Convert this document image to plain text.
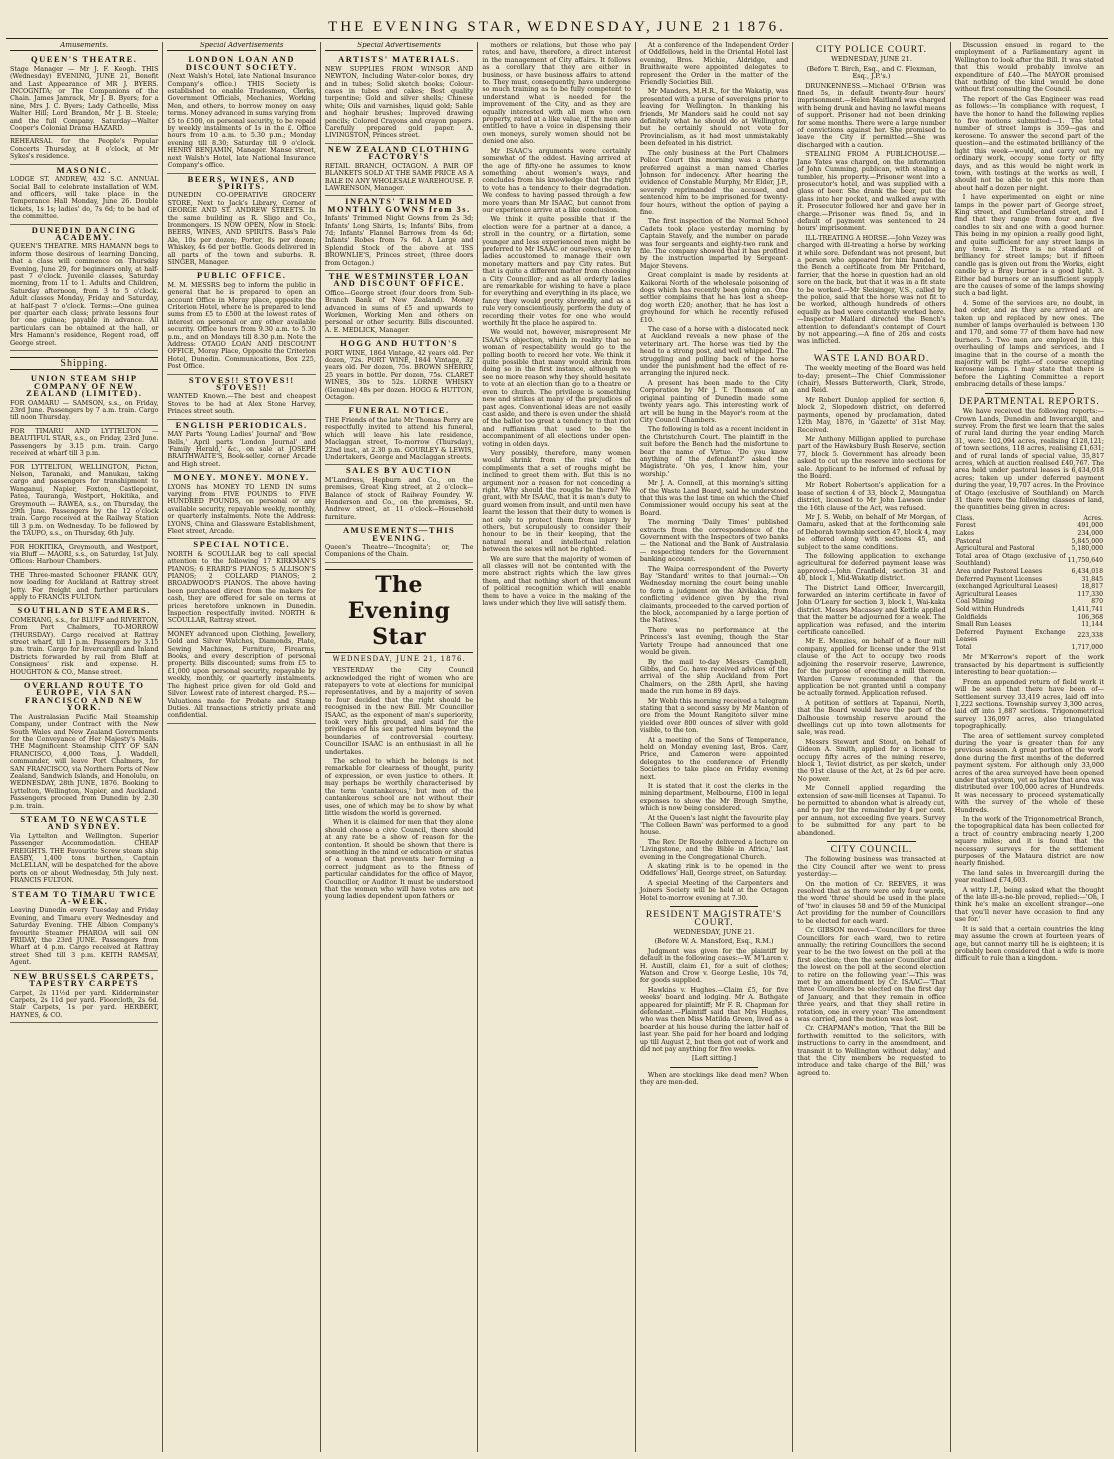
THE EVENING STAR, WEDNESDAY, JUNE 21 1876.
Amusements.
QUEEN'S THEATRE.
Stage Manager — Mr J. F. Keogh. THIS (Wednesday) EVENING, JUNE 21, Benefit and Last Appearance of MR J. BYERS. INCOGNITA; or The Companions of the Chain. James Jamrack, Mr J. B. Byers; for a nine, Mrs J. C. Byers; Lady Cathcelle, Miss Walter Hill; Lord Brandon, Mr J. B. Steele; and the full Company. Saturday—Walter Cooper's Colonial Drama HAZARD.
REHEARSAL for the People's Popular Concerts Thursday, at 8 o'clock, at Mr Sykes's residence.
MASONIC.
LODGE ST. ANDREW, 432 S.C. ANNUAL Social Ball to celebrate installation of W.M. and officers, will take place in the Temperance Hall Monday, June 26. Double tickets, 1s 1s; ladies' do, 7s 6d; to be had of the committee.
DUNEDIN DANCING ACADEMY.
QUEEN'S THEATRE. MRS HAMANN begs to inform those desirous of learning Dancing, that a class will commence on Thursday Evening, June 29, for beginners only, at half-past 7 o'clock. Juvenile classes, Saturday morning, from 11 to 1. Adults and Children, Saturday afternoon, from 3 to 5 o'clock. Adult classes Monday, Friday and Saturday, at half-past 7 o'clock. Terms:—One guinea per quarter each class; private lessons four for one guinea; payable in advance. All particulars can be obtained at the hall, or Mrs Hamann's residence, Regent road, off George street.
Shipping.
UNION STEAM SHIP COMPANY OF NEW ZEALAND (LIMITED).
FOR OAMARU — SAMSON, s.s., on Friday, 23rd June. Passengers by 7 a.m. train. Cargo till noon Thursday.
FOR TIMARU AND LYTTELTON — BEAUTIFUL STAR, s.s., on Friday, 23rd June. Passengers by 3.15 p.m. train. Cargo received at wharf till 3 p.m.
FOR LYTTELTON, WELLINGTON, Picton, Nelson, Taranaki, and Manukau, taking cargo and passengers for transhipment to Wanganui, Napier, Foxton, Castlepoint, Patea, Tauranga, Westport, Hokitika, and Greymouth — RAWEA, s.s., on Thursday, the 29th June. Passengers by the 12 o'clock train. Cargo received at the Railway Station till 3 p.m. on Wednesday. To be followed by the TAUPO, s.s., on Thursday, 6th July.
FOR HOKITIKA, Greymouth, and Westport, via Bluff — MAORI, s.s., on Saturday, 1st July. Offices: Harbour Chambers.
THE Three-masted Schooner FRANK GUY, now loading for Auckland at Rattray street Jetty. For freight and further particulars apply to FRANCIS FULTON.
SOUTHLAND STEAMERS.
COMERANG, s.s., for BLUFF and RIVERTON, From Port Chalmers, TO-MORROW (THURSDAY). Cargo received at Rattray street wharf, till 1 p.m. Passengers by 3.15 p.m. train. Cargo for Invercargill and Inland Districts forwarded by rail from Bluff at Consignees' risk and expense. H. HOUGHTON & CO., Manse street.
OVERLAND ROUTE TO EUROPE, VIA SAN FRANCISCO AND NEW YORK.
The Australasian Pacific Mail Steamship Company, under Contract with the New South Wales and New Zealand Governments for the Conveyance of Her Majesty's Mails. THE Magnificent Steamship CITY OF SAN FRANCISCO, 4,000 Tons, J. Waddell, commander, will leave Port Chalmers, for SAN FRANCISCO, via Northern Ports of New Zealand, Sandwich Islands, and Honolulu, on WEDNESDAY, 28th JUNE, 1876. Booking to Lyttelton, Wellington, Napier, and Auckland. Passengers proceed from Dunedin by 2.30 p.m. train.
STEAM TO NEWCASTLE AND SYDNEY.
Via Lyttelton and Wellington. Superior Passenger Accommodation. CHEAP FREIGHTS. THE Favourite Screw steam ship EASBY, 1,400 tons burthen, Captain McLELLAN, will be despatched for the above ports on or about Wednesday, 5th July next. FRANCIS FULTON.
STEAM TO TIMARU TWICE A-WEEK.
Leaving Dunedin every Tuesday and Friday Evening, and Timaru every Wednesday and Saturday Evening. THE Albion Company's favourite Steamer PHAROA will sail ON FRIDAY, the 23rd JUNE. Passengers from Wharf at 4 p.m. Cargo received at Rattray street Shed till 3 p.m. KEITH RAMSAY, Agent.
NEW BRUSSELS CARPETS, TAPESTRY CARPETS
Carpet, 2s 11½d per yard. Kidderminster Carpets, 2s 11d per yard. Floorcloth, 2s 6d. Stair Carpets, 1s per yard. HERBERT, HAYNES, & CO.
Special Advertisements
LONDON LOAN AND DISCOUNT SOCIETY.
(Next Walsh's Hotel, late National Insurance Company's office.) THIS Society is established to enable Tradesmen, Clerks, Government Officials, Mechanics, Working Men, and others, to borrow money on easy terms. Money advanced in sums varying from £5 to £500, on personal security, to be repaid by weekly instalments of 1s in the £. Office hours from 10 a.m. to 5.30 p.m.; Monday evening till 8.30; Saturday till 9 o'clock. HENRY BENJAMIN, Manager. Manse street, next Walsh's Hotel, late National Insurance Company's office.
BEERS, WINES, AND SPIRITS.
DUNEDIN CO-OPERATIVE GROCERY STORE, Next to Jack's Library, Corner of GEORGE AND ST. ANDREW STREETS. In the same building as R. Sligo and Co., Ironmongers. IS NOW OPEN, Now in Stock: BEERS, WINES, AND SPIRITS. Bass's Pale Ale, 10s per dozen; Porter, 8s per dozen; Whiskey, 4s 6d per bottle. Goods delivered in all parts of the town and suburbs. R. SINGER, Manager.
PUBLIC OFFICE.
M. M. MESSRS beg to inform the public in general that he is prepared to open an account Office in Moray place, opposite the Criterion Hotel, where he is prepared to lend sums from £5 to £500 at the lowest rates of interest on personal or any other available security. Office hours from 9.30 a.m. to 5.30 p.m., and on Mondays till 8.30 p.m. Note the Address: OTAGO LOAN AND DISCOUNT OFFICE, Moray Place, Opposite the Criterion Hotel, Dunedin. Communications, Box 225, Post Office.
STOVES!! STOVES!! STOVES!!
WANTED Known.—The best and cheapest Stoves to be had at Alex Stone Harvey, Princes street south.
ENGLISH PERIODICALS.
MAY Parts 'Young Ladies' Journal' and 'Bow Bells,' April parts 'London Journal' and 'Family Herald,' &c., on sale at JOSEPH BRAITHWAITE'S, Book-seller, corner Arcade and High street.
MONEY. MONEY. MONEY.
LYONS has MONEY TO LEND IN sums varying from FIVE POUNDS to FIVE HUNDRED POUNDS, on personal or any available security, repayable weekly, monthly, or quarterly instalments. Note the Address: LYONS, China and Glassware Establishment, Fleet street, Arcade.
SPECIAL NOTICE.
NORTH & SCOULLAR beg to call special attention to the following 17 KIRKMAN'S PIANOS; 6 ERARD'S PIANOS; 5 ALLISON'S PIANOS; 2 COLLARD PIANOS; 2 BROADWOOD'S PIANOS. The above having been purchased direct from the makers for cash, they are offered for sale on terms at prices heretofore unknown in Dunedin. Inspection respectfully invited. NORTH & SCOULLAR, Rattray street.
MONEY advanced upon Clothing, Jewellery, Gold and Silver Watches, Diamonds, Plate, Sewing Machines, Furniture, Firearms, Books, and every description of personal property. Bills discounted; sums from £5 to £1,000 upon personal security, repayable by weekly, monthly, or quarterly instalments. The highest price given for old Gold and Silver. Lowest rate of interest charged. P.S.—Valuations made for Probate and Stamp Duties. All transactions strictly private and confidential.
Special Advertisements
ARTISTS' MATERIALS.
NEW SUPPLIES FROM WINSOR AND NEWTON, Including Water-color boxes, dry and in tubes; Solid sketch books; Colour-cases in tubes and cakes; Best quality turpentine; Gold and silver shells; Chinese white; Oils and varnishes, liquid gold; Sable and hoghair brushes; Improved drawing pencils; Colored Crayons and crayon papers. Carefully prepared gold paper. A. LIVINGSTON, Princes street.
NEW ZEALAND CLOTHING FACTORY'S
RETAIL BRANCH, OCTAGON. A PAIR OF BLANKETS SOLD AT THE SAME PRICE AS A BALE IN ANY WHOLESALE WAREHOUSE. F. LAWRENSON, Manager.
INFANTS' TRIMMED MONTHLY GOWNS from 3s.
Infants' Trimmed Night Gowns from 2s 3d; Infants' Long Shirts, 1s; Infants' Bibs, from 7d; Infants' Flannel Barrows from 4s 6d; Infants' Robes from 7s 6d. A Large and Splendid Stock of the above at 'ISS BROWNLIE'S, Princes street, (three doors from Octagon.)
THE WESTMINSTER LOAN AND DISCOUNT OFFICE.
Office—George street (four doors from Sub-Branch Bank of New Zealand). Money advanced in sums of £5 and upwards to Workmen, Working Men and others on personal or other security. Bills discounted. A. E. MEDLICK, Manager.
HOGG AND HUTTON'S
PORT WINE, 1864 Vintage, 42 years old. Per dozen, 72s. PORT WINE, 1844 Vintage, 32 years old. Per dozen, 75s. BROWN SHERRY, 25 years in bottle. Per dozen, 75s. CLARET WINES, 30s to 52s. LORNE WHISKY (Genuine) 48s per dozen. HOGG & HUTTON, Octagon.
FUNERAL NOTICE.
THE Friends of the late Mr Thomas Perry are respectfully invited to attend his funeral, which will leave his late residence, Maclaggan street, To-morrow (Thursday), 22nd inst., at 2.30 p.m. GOURLEY & LEWIS, Undertakers, George and Maclaggan streets.
SALES BY AUCTION
M'Landress, Hepburn and Co., on the premises, Great King street, at 2 o'clock—Balance of stock of Railway Foundry. W. Henderson and Co., on the premises, St. Andrew street, at 11 o'clock—Household furniture.
AMUSEMENTS—THIS EVENING.
Queen's Theatre—'Incognita'; or, The Companions of the Chain.
The Evening Star
WEDNESDAY, JUNE 21, 1876.

YESTERDAY the City Council acknowledged the right of women who are ratepayers to vote at elections for municipal representatives, and by a majority of seven to four decided that the right should be recognised in the new Bill. Mr Councillor ISAAC, as the exponent of man's superiority, took very high ground, and said for the privileges of his sex parted him beyond the boundaries of controversial courtesy. Councillor ISAAC is an enthusiast in all he undertakes.

The school to which he belongs is not remarkable for clearness of thought, purity of expression, or even justice to others. It may perhaps be worthily characterised by the term 'cantankerous,' but men of the cantankerous school are not without their uses, one of which may be to show by what little wisdom the world is governed.

When it is claimed for men that they alone should choose a civic Council, there should at any rate be a show of reason for the contention. It should be shown that there is something in the mind or education or status of a woman that prevents her forming a correct judgment as to the fitness of particular candidates for the office of Mayor, Councillor, or Auditor. It must be understood that the women who will have votes are not young ladies dependent upon fathers or

mothers or relations, but those who pay rates, and have, therefore, a direct interest in the management of City affairs. It follows as a corollary that they are either in business, or have business affairs to attend to. They must, consequently, have undergone so much training as to be fully competent to understand what is needed for the improvement of the City, and as they are equally interested with all men who own property, rated at a like value, if the men are entitled to have a voice in dispensing their own moneys, surely women should not be denied one also.

Mr ISAAC's arguments were certainly somewhat of the oddest. Having arrived at the age of fifty-one he assumes to know something about women's ways, and concludes from his knowledge that the right to vote has a tendency to their degradation. We confess to having passed through a few more years than Mr ISAAC, but cannot from our experience arrive at a like conclusion.

We think it quite possible that if the election were for a partner at a dance, a stroll in the country, or a flirtation, some younger and less experienced men might be preferred to Mr ISAAC or ourselves, even by ladies accustomed to manage their own monetary matters and pay City rates. But that is quite a different matter from choosing a City Councillor; and as all orderly ladies are remarkable for wishing to have a place for everything and everything in its place, we fancy they would pretty shrewdly, and as a rule very conscientiously, perform the duty of recording their votes for one who would worthily fit the place he aspired to.

We would not, however, misrepresent Mr ISAAC's objection, which in reality that no woman of respectability would go to the polling booth to record her vote. We think it quite possible that many would shrink from doing so in the first instance, although we see no more reason why they should hesitate to vote at an election than go to a theatre or even to church. The privilege is something new and strikes at many of the prejudices of past ages. Conventional ideas are not easily cast aside, and there is even under the shield of the ballot too great a tendency to that riot and ruffianism that used to be the accompaniment of all elections under open-voting in olden days.

Very possibly, therefore, many women would shrink from the risk of the compliments that a set of roughs might be inclined to greet them with. But this is no argument nor a reason for not conceding a right. Why should the roughs be there? We grant, with Mr ISAAC, that it is man's duty to guard women from insult, and until men have learnt the lesson that their duty to women is not only to protect them from injury by others, but scrupulously to consider their honour to be in their keeping, that the natural moral and intellectual relation between the sexes will not be righted.

We are sure that the majority of women of all classes will not be contented with the mere abstract rights which the law gives them, and that nothing short of that amount of political recognition which will enable them to have a voice in the making of the laws under which they live will satisfy them.

At a conference of the Independent Order of Oddfellows, held in the Oriental Hotel last evening, Bros. Michie, Aldridge, and Braithwaite were appointed delegates to represent the Order in the matter of the Friendly Societies Bill.

Mr Manders, M.H.R., for the Wakatip, was presented with a purse of sovereigns prior to leaving for Wellington. In thanking his friends, Mr Manders said he could not say definitely what he should do at Wellington, but he certainly should not vote for Provincialism, as it had most unmistakably been defeated in his district.

The only business at the Port Chalmers Police Court this morning was a charge preferred against a man named Charles Johnson for indecency. After hearing the evidence of Constable Murphy, Mr Elder, J.P., severely reprimanded the accused, and sentenced him to be imprisoned for twenty-four hours, without the option of paying a fine.

The first inspection of the Normal School Cadets took place yesterday morning by Captain Stavely, and the number on parade was four sergeants and eighty-two rank and file. The company showed that it has profited by the instruction imparted by Sergeant-Major Stevens.

Great complaint is made by residents at Kaikorai North of the wholesale poisoning of dogs which has recently been going on. One settler complains that he has lost a sheep-dog worth £20; another, that he has lost a greyhound for which he recently refused £10.

The case of a horse with a dislocated neck at Auckland reveals a new phase of the veterinary art. The horse was tied by the head to a strong post, and well whipped. The struggling and pulling back of the horse under the punishment had the effect of re-arranging the injured neck.

A present has been made to the City Corporation by Mr J. T. Thomson of an original painting of Dunedin made some twenty years ago. This interesting work of art will be hung in the Mayor's room at the City Council Chambers.

The following is told as a recent incident in the Christchurch Court. The plaintiff in the suit before the Bench had the misfortune to bear the name of Virtue. 'Do you know anything of the defendant?' asked the Magistrate. 'Oh yes, I know him, your worship.'

Mr J. A. Connell, at this morning's sitting of the Waste Land Board, said he understood that this was the last time on which the Chief Commissioner would occupy his seat at the Board.

The morning 'Daily Times' published extracts from the correspondence of the Government with the Inspectors of two banks — the National and the Bank of Australasia — respecting tenders for the Government banking account.

The Waipa correspondent of the Poverty Bay 'Standard' writes to that journal:—'On Wednesday morning the court being unable to form a judgment on the Alvikakia, from conflicting evidence given by the rival claimants, proceeded to the carved portion of the block, accompanied by a large portion of the Natives.'

There was no performance at the Princess's last evening, though the Star Variety Troupe had announced that one would be given.

By the mail to-day Messrs Campbell, Gibbs, and Co. have received advices of the arrival of the ship Auckland from Port Chalmers, on the 28th April, she having made the run home in 89 days.

Mr Webb this morning received a telegram stating that a second sassy by Mr Manton of ore from the Mount Rangitoto silver mine yielded over 800 ounces of silver with gold visible, to the ton.

At a meeting of the Sons of Temperance, held on Monday evening last, Bros. Carr, Price, and Cameron were appointed delegates to the conference of Friendly Societies to take place on Friday evening next.

It is stated that it cost the clerks in the mining department, Melbourne, £100 in legal expenses to show the Mr Brough Smythe, which is now being considered.

At the Queen's last night the favourite play 'The Colleen Bawn' was performed to a good house.

The Rev. Dr Roseby delivered a lecture on 'Livingstone, and the Bible in Africa,' last evening in the Congregational Church.

A skating rink is to be opened in the Oddfellows' Hall, George street, on Saturday.

A special Meeting of the Carpenters and Joiners Society will be held at the Octagon Hotel to-morrow evening at 7.30.

RESIDENT MAGISTRATE'S COURT.
WEDNESDAY, JUNE 21.
(Before W. A. Mansford, Esq., R.M.)

Judgment was given for the plaintiff by default in the following cases:—W. M'Laren v. H. Austill, claim £1, for a suit of clothes; Watson and Crow v. George Leslie, 10s 7d, for goods supplied.

Hawkins v. Hughes.—Claim £5, for five weeks' board and lodging. Mr A. Bathgate appeared for plaintiff; Mr F. R. Chapman for defendant.—Plaintiff said that Mrs Hughes, who was then Miss Matilda Green, lived as a boarder at his house during the latter half of last year. She paid for her board and lodging up till August 2, but then got out of work and did not pay anything for five weeks.

[Left sitting.]

When are stockings like dead men? When they are men-ded.

CITY POLICE COURT.
WEDNESDAY, JUNE 21.
(Before T. Birch, Esq., and C. Flexman, Esq., J.P.'s.)

DRUNKENNESS.—Michael O'Brien was fined 5s, in default twenty-four hours' imprisonment.—Helen Maitland was charged with being drunk and having no lawful means of support. Prisoner had not been drinking for some months. There were a large number of convictions against her. She promised to leave the City if permitted.—She was discharged with a caution.

STEALING FROM A PUBLICHOUSE.—Jane Yates was charged, on the information of John Cumming, publican, with stealing a tumbler, his property.—Prisoner went into a prosecutor's hotel, and was supplied with a glass of beer. She drank the beer, put the glass into her pocket, and walked away with it. Prosecutor followed her and gave her in charge.—Prisoner was fined 5s, and in default of payment was sentenced to 24 hours' imprisonment.

ILL-TREATING A HORSE.—John Vezey was charged with ill-treating a horse by working it while sore. Defendant was not present, but a person who appeared for him handed to the Bench a certificate from Mr Pritchard, farrier, that the horse in question had an old sore on the back, but that it was in a fit state to be worked.—Mr Sleisinger, V.S., called by the police, said that the horse was not fit to be worked, although hundreds of others equally as bad were constantly worked here.—Inspector Mallard directed the Bench's attention to defendant's contempt of Court by not appearing.—A fine of 20s and costs was inflicted.

WASTE LAND BOARD.

The weekly meeting of the Board was held to-day; present—The Chief Commissioner (chair), Messrs Butterworth, Clark, Strode, and Reid.

Mr Robert Dunlop applied for section 6, block 2, Slopedown district, on deferred payments, opened by proclamation, dated 12th May, 1876, in 'Gazette' of 31st May. Received.

Mr Anthony Milligan applied to purchase part of the Hawksbury Bush Reserve, section 77, block 5. Government has already been asked to cut up the reserve into sections for sale. Applicant to be informed of refusal by the Board.

Mr Robert Robertson's application for a lease of section 4 of 33, block 2, Maungatua district, licensed to Mr John Lawson under the 16th clause of the Act, was refused.

Mr J. S. Webb, on behalf of Mr Morgan, of Oamaru, asked that at the forthcoming sale of Deborah township section 47, block 4, may be offered along with sections 45, and subject to the same conditions.

The following application to exchange agricultural for deferred payment lease was approved:—John Cranfield, section 31 and 40, block 1, Mid-Wakatip district.

The District Land Officer, Invercargill, forwarded an interim certificate in favor of John O'Leary for section 3, block 1, Wai-kaka district. Messrs Macassey and Kettle applied that the matter be adjourned for a week. The application was refused, and the interim certificate cancelled.

Mr E. Menzies, on behalf of a flour mill company, applied for license under the 91st clause of the Act to occupy two roods adjoining the reservoir reserve, Lawrence, for the purpose of erecting a mill thereon. Warden Carew recommended that the application be not granted until a company be actually formed. Application refused.

A petition of settlers at Tapanui, North, that the Board would have the part of the Dalhousie township reserve around the dwellings cut up into town allotments for sale, was read.

Messrs Stewart and Stout, on behalf of Gideon A. Smith, applied for a license to occupy fifty acres of the mining reserve, block 1, Teviot district, as per sketch, under the 91st clause of the Act, at 2s 6d per acre. No power.

Mr Connell applied regarding the extension of saw-mill licenses at Tapanui. To be permitted to abandon what is already cut, and to pay for the remainder by 4 per cent. per annum, not exceeding five years. Survey to be submitted for any part to be abandoned.

CITY COUNCIL.

The following business was transacted at the City Council after we went to press yesterday:—

On the motion of Cr. REEVES, it was resolved that as there were only four wards, the word 'three' should be used in the place of 'two' in clauses 58 and 59 of the Municipal Act providing for the number of Councillors to be elected for each ward.

Cr. GIBSON moved—'Councillors for three Councillors for each ward, two to retire annually; the retiring Councillors the second year to be the two lowest on the poll at the first election; then the senior Councillor and the lowest on the poll at the second election to retire on the following year.'—This was met by an amendment by Cr. ISAAC—'That three Councillors be elected on the first day of January, and that they remain in office three years, and that they shall retire in rotation, one in every year.' The amendment was carried, and the motion was lost.

Cr. CHAPMAN's motion, 'That the Bill be forthwith remitted to the solicitors, with instructions to carry in the amendment, and transmit it to Wellington without delay,' and that the City members be requested to introduce and take charge of the Bill,' was agreed to.

Discussion ensued in regard to the employment of a Parliamentary agent in Wellington to look after the Bill. It was stated that this would probably involve an expenditure of £40.—The MAYOR promised that nothing of the kind would be done without first consulting the Council.

The report of the Gas Engineer was read as follows:—'In compliance with request, I have the honor to hand the following replies to five motions submitted:—1. The total number of street lamps is 359—gas and kerosene. To answer the second part of the question—and the estimated brilliancy of the light this week—would, and carry out my ordinary work, occupy some forty or fifty days, and as this would be night work in town, with testings at the works as well, I should not be able to get this more than about half a dozen per night.

I have experimented on eight or nine lamps in the power part of George street, King street, and Cumberland street, and I find that they range from four and five candles to six and one with a good burner. This being in my opinion a really good light, and quite sufficient for any street lamps in any town. 2. There is no standard of brilliancy for street lamps; but if fifteen candle gas is given out from the Works, eight candle by a Bray burner is a good light. 3. Either bad burners or an insufficient supply are the causes of some of the lamps showing such a bad light.

4. Some of the services are, no doubt, in bad order, and as they are arrived at are taken up and replaced by new ones. The number of lamps overhauled is between 130 and 170, and some 77 of them have had new burners. 5. Two men are employed in this overhauling of lamps and services, and I imagine that in the course of a month the majority will be right—of course excepting kerosene lamps. I may state that there is before the Lighting Committee a report embracing details of these lamps.'

DEPARTMENTAL REPORTS.

We have received the following reports:—Crown Lands, Dunedin and Invercargill, and survey. From the first we learn that the sales of rural land during the year ending March 31, were: 102,094 acres, realising £128,121; of town sections, 118 acres, realising £1,631; and of rural lands of special value, 35,817 acres, which at auction realised £40,767. The area held under pastoral leases is 6,434,018 acres; taken up under deferred payment during the year, 19,707 acres. In the Province of Otago (exclusive of Southland) on March 31 there were the following classes of land, the quantities being given in acres:

Class.	Acres.
Forest	491,000
Lakes	234,000
Pastoral	5,845,000
Agricultural and Pastoral	5,180,000
Total area of Otago (exclusive of Southland)	11,750,640
Area under Pastoral Leases	6,434,018
Deferred Payment Licenses	31,845
(exchanged Agricultural Leases)	18,817
Agricultural Leases	117,330
Coal Mining	870
Sold within Hundreds	1,411,741
Goldfields	106,368
Small Run Leases	11,144
Deferred Payment Exchange Leases	223,338
Total	1,717,000

Mr M'Kerrow's report of the work transacted by his department is sufficiently interesting to bear quotation:—

From an appended return of field work it will be seen that there have been of—Settlement survey 33,419 acres, laid off into 1,222 sections. Township survey 3,300 acres, laid off into 1,887 sections. Trigonometrical survey 136,097 acres, also triangulated topographically.

The area of settlement survey completed during the year is greater than for any previous season. A great portion of the work done during the first months of the deferred payment system. For although only 33,000 acres of the area surveyed have been opened under that system, yet as bylaw that area was distributed over 100,000 acres of Hundreds. It was necessary to proceed systematically with the survey of the whole of these Hundreds.

In the work of the Trigonometrical Branch, the topographical data has been collected for a tract of country embracing nearly 1,200 square miles; and it is found that the necessary surveys for the settlement purposes of the Mataura district are now nearly finished.

The land sales in Invercargill during the year realised £74,603.

A witty I.P., being asked what the thought of the late ill-a-ne-ble proved, replied:—'Oh, I think he's make an excellent stranger—one that you'll never have occasion to find any use for.'

It is said that a certain countries the king may assume the crown at fourteen years of age, but cannot marry till he is eighteen; it is probably been considered that a wife is more difficult to rule than a kingdom.
